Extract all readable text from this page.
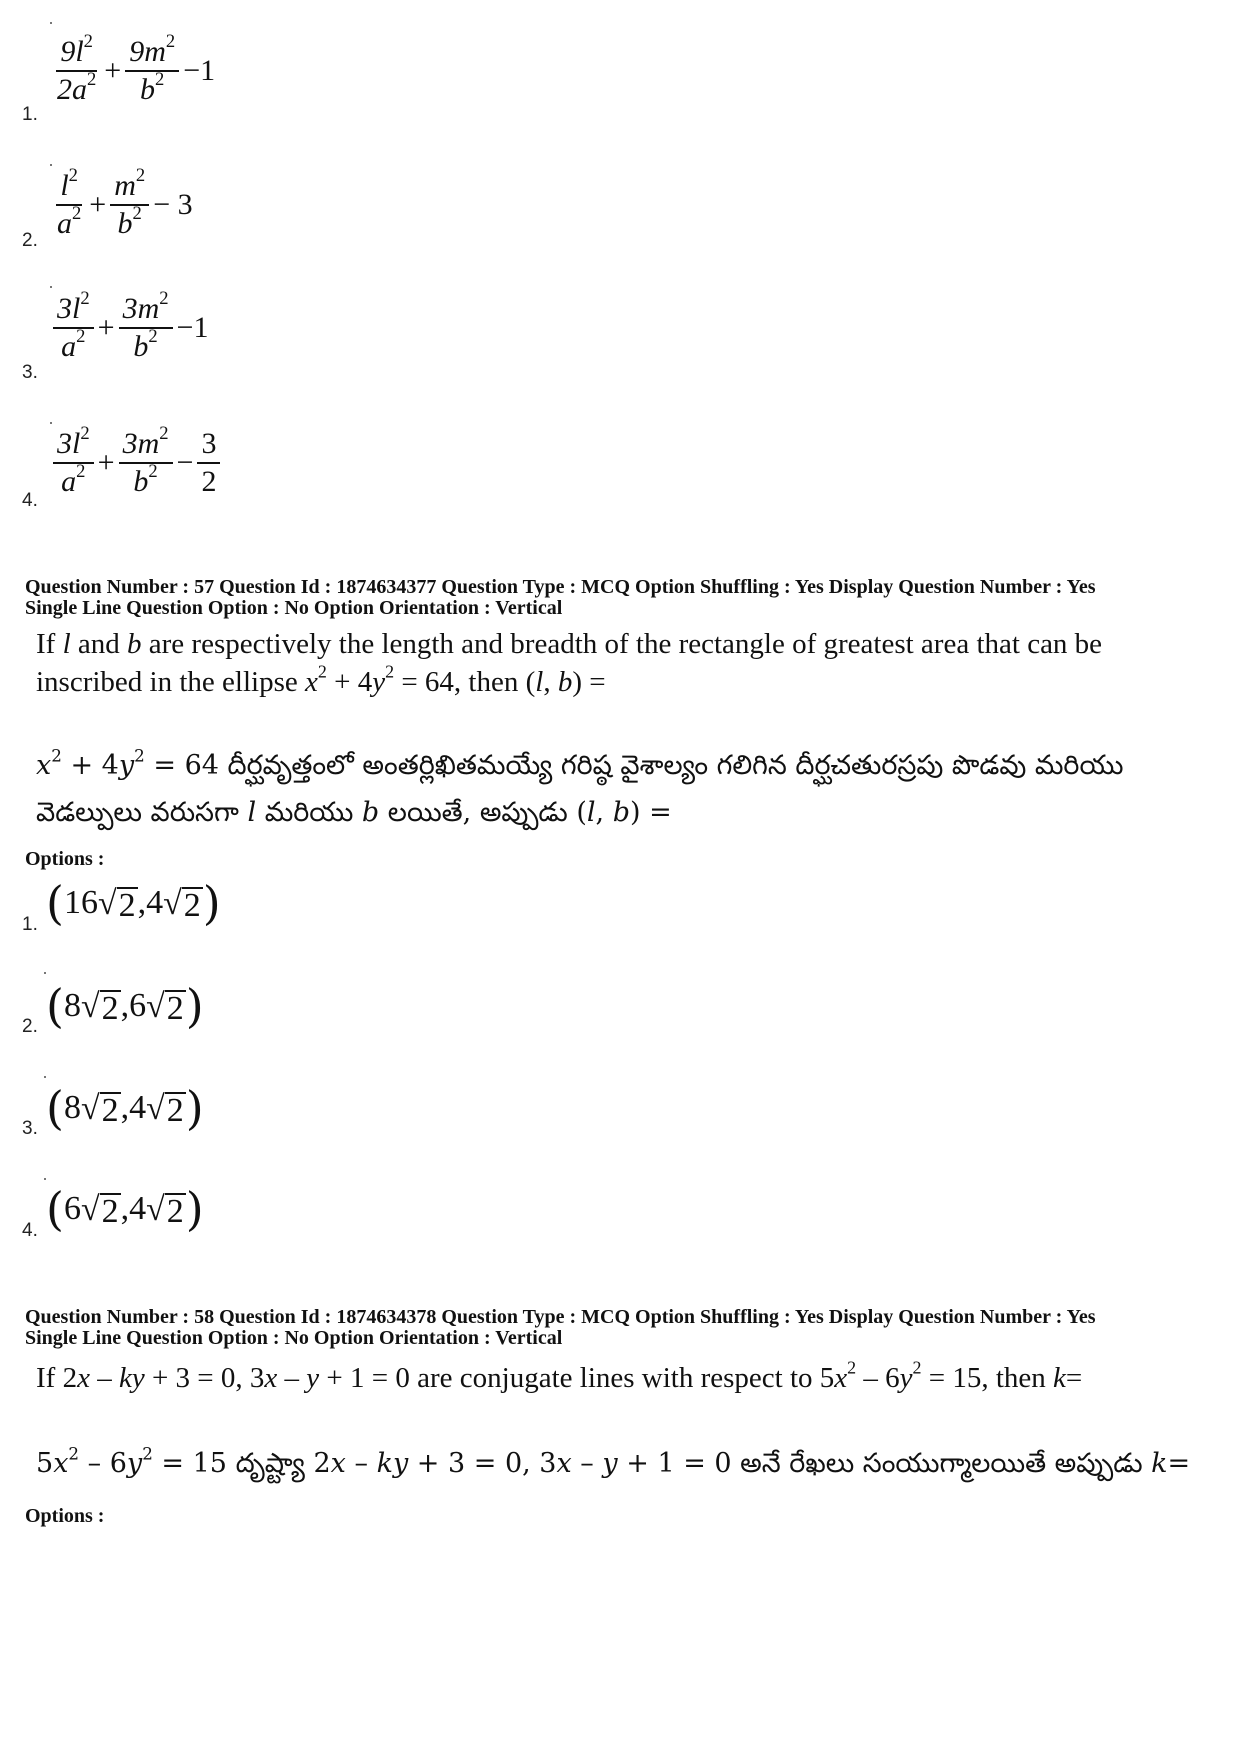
1.
$\frac{9l^2}{2a^2} + \frac{9m^2}{b^2} -1$
2.
$\frac{l^2}{a^2} + \frac{m^2}{b^2} - 3$
3.
$\frac{3l^2}{a^2} + \frac{3m^2}{b^2} -1$
4.
$\frac{3l^2}{a^2} + \frac{3m^2}{b^2} - \frac{3}{2}$
Question Number : 57 Question Id : 1874634377 Question Type : MCQ Option Shuffling : Yes Display Question Number : Yes
Single Line Question Option : No Option Orientation : Vertical
If l and b are respectively the length and breadth of the rectangle of greatest area that can be
inscribed in the ellipse $x^2 + 4y^2 = 64$, then (l, b) =
$x^2 + 4y^2 = 64$ దీర్ఘవృత్తంలో అంతర్లిఖితమయ్యే గరిష్ఠ వైశాల్యం గలిగిన దీర్ఘచతురస్రపు పొడవు మరియు
వెడల్పులు వరుసగా l మరియు b లయితే, అప్పుడు (l, b) =
Options :
1. ( 16 √ 2 , 4 √ 2 )
2. ( 8 √ 2 , 6 √ 2 )
3. ( 8 √ 2 , 4 √ 2 )
4. ( 6 √ 2 , 4 √ 2 )
Question Number : 58 Question Id : 1874634378 Question Type : MCQ Option Shuffling : Yes Display Question Number : Yes
Single Line Question Option : No Option Orientation : Vertical
If 2x – ky + 3 = 0, 3x – y + 1 = 0 are conjugate lines with respect to $5x^2 - 6y^2 = 15$, then k=
$5x^2 - 6y^2 = 15$ దృష్ట్యా 2x – ky + 3 = 0, 3x – y + 1 = 0 అనే రేఖలు సంయుగ్మాలయితే అప్పుడు k=
Options :
